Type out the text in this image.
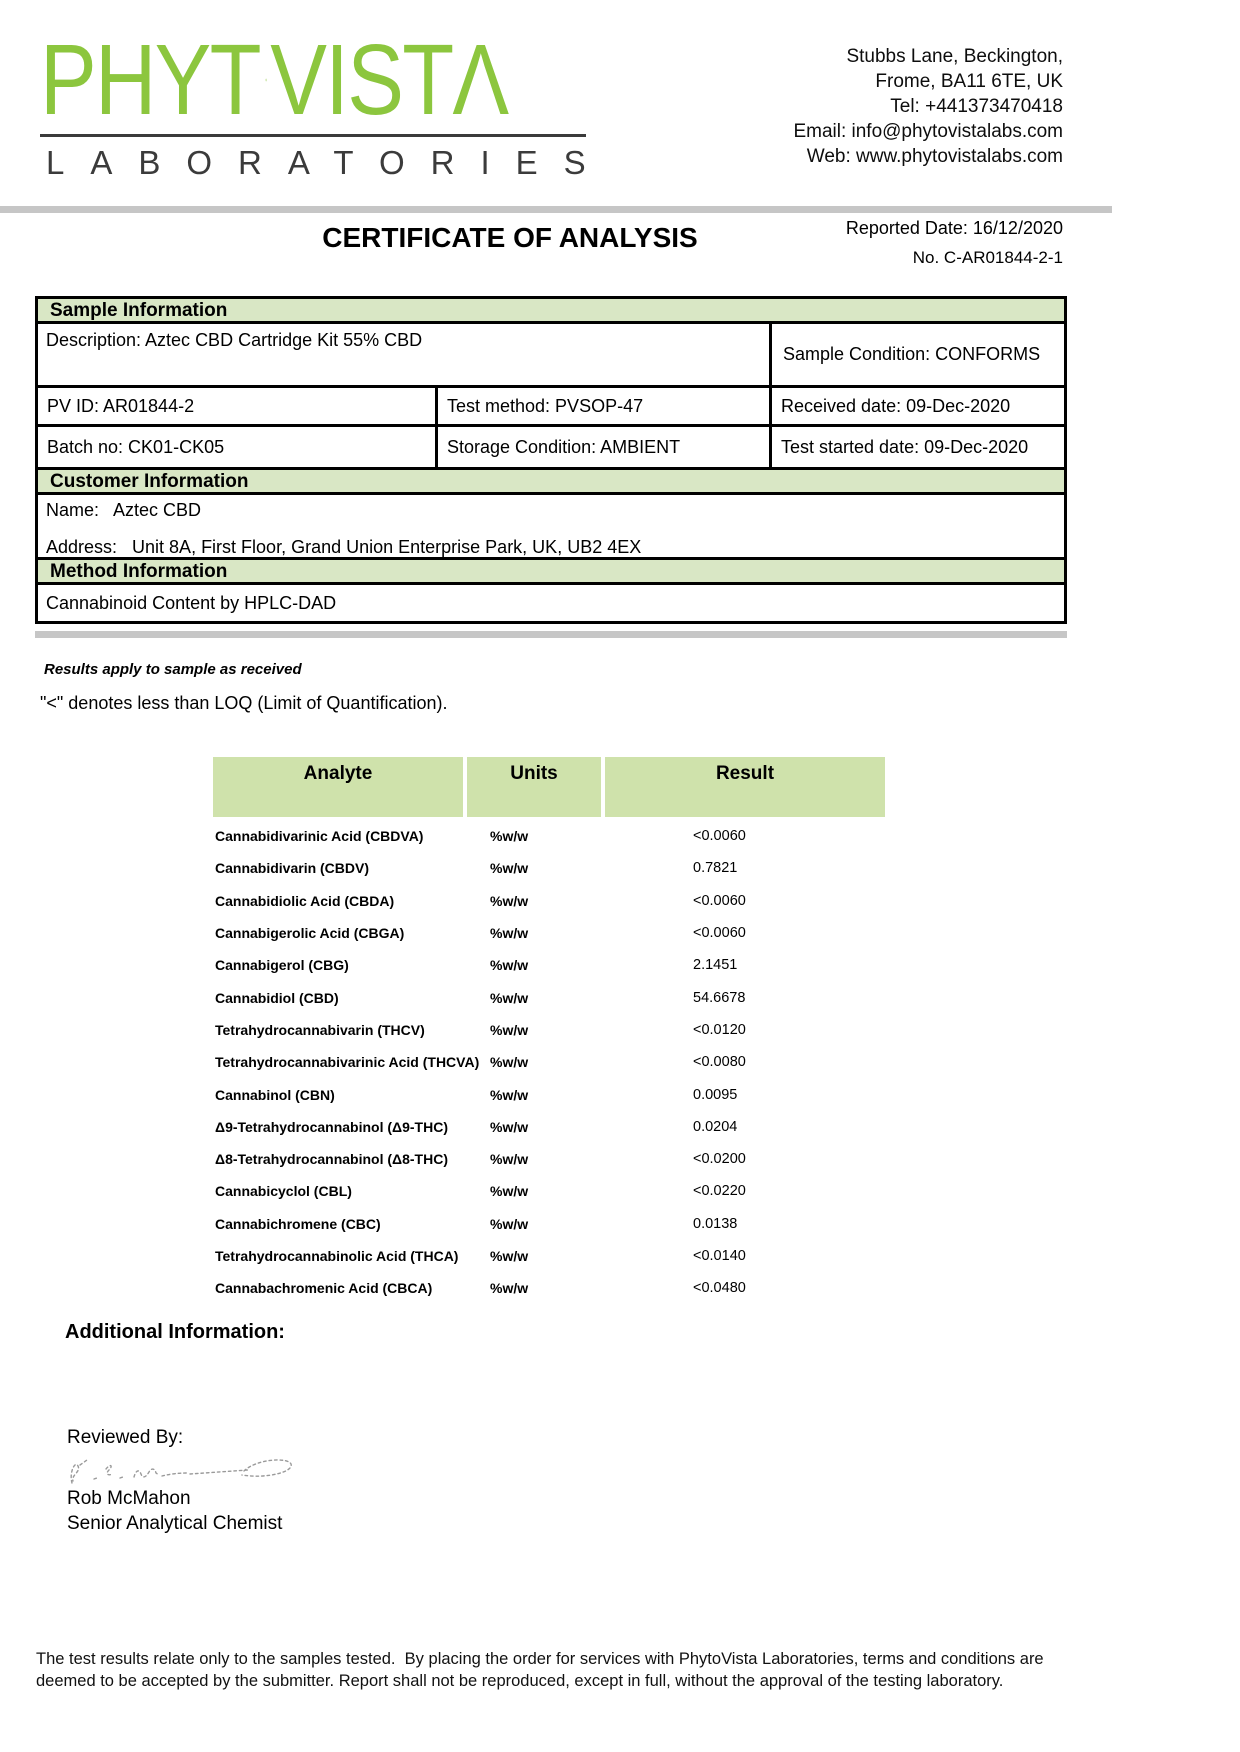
PHYT VISTΛ
LABORATORIES
Stubbs Lane, Beckington,
Frome, BA11 6TE, UK
Tel: +441373470418
Email: info@phytovistalabs.com
Web: www.phytovistalabs.com
Reported Date: 16/12/2020
CERTIFICATE OF ANALYSIS
No. C-AR01844-2-1
Sample Information
Description: Aztec CBD Cartridge Kit 55% CBD
Sample Condition: CONFORMS
PV ID: AR01844-2	Test method: PVSOP-47	Received date: 09-Dec-2020
Batch no: CK01-CK05	Storage Condition: AMBIENT	Test started date: 09-Dec-2020
Customer Information
Name:   Aztec CBD
Address:   Unit 8A, First Floor, Grand Union Enterprise Park, UK, UB2 4EX
Method Information
Cannabinoid Content by HPLC-DAD
Results apply to sample as received
"<" denotes less than LOQ (Limit of Quantification).
Analyte	Units	Result
Cannabidivarinic Acid (CBDVA)	%w/w	<0.0060
Cannabidivarin (CBDV)	%w/w	0.7821
Cannabidiolic Acid (CBDA)	%w/w	<0.0060
Cannabigerolic Acid (CBGA)	%w/w	<0.0060
Cannabigerol (CBG)	%w/w	2.1451
Cannabidiol (CBD)	%w/w	54.6678
Tetrahydrocannabivarin (THCV)	%w/w	<0.0120
Tetrahydrocannabivarinic Acid (THCVA) %w/w	<0.0080
Cannabinol (CBN)	%w/w	0.0095
Δ9-Tetrahydrocannabinol (Δ9-THC)	%w/w	0.0204
Δ8-Tetrahydrocannabinol (Δ8-THC)	%w/w	<0.0200
Cannabicyclol (CBL)	%w/w	<0.0220
Cannabichromene (CBC)	%w/w	0.0138
Tetrahydrocannabinolic Acid (THCA) %w/w	<0.0140
Cannabachromenic Acid (CBCA)	%w/w	<0.0480
Additional Information:
Reviewed By:
Rob McMahon
Senior Analytical Chemist
The test results relate only to the samples tested.  By placing the order for services with PhytoVista Laboratories, terms and conditions are
deemed to be accepted by the submitter. Report shall not be reproduced, except in full, without the approval of the testing laboratory.
